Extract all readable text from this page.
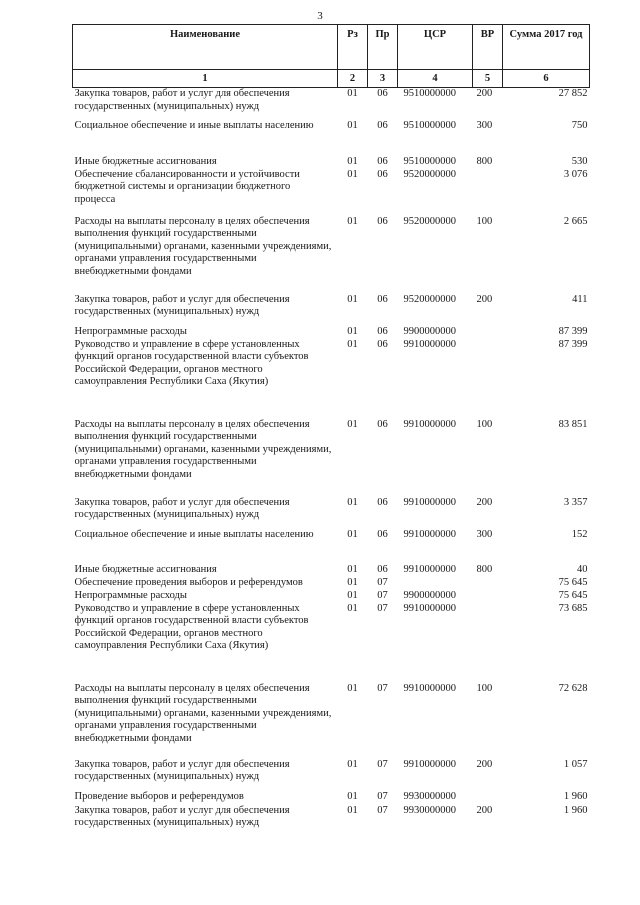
3
Наименование	Рз	Пр	ЦСР	ВР	Сумма 2017 год
1	2	3	4	5	6
Закупка товаров, работ и услуг для обеспечения государственных (муниципальных) нужд	01	06	9510000000	200	27 852
Социальное обеспечение и иные выплаты населению	01	06	9510000000	300	750
Иные бюджетные ассигнования	01	06	9510000000	800	530
Обеспечение сбалансированности и устойчивости бюджетной системы и организации бюджетного процесса	01	06	9520000000		3 076
Расходы на выплаты персоналу в целях обеспечения выполнения функций государственными (муниципальными) органами, казенными учреждениями, органами управления государственными внебюджетными фондами	01	06	9520000000	100	2 665
Закупка товаров, работ и услуг для обеспечения государственных (муниципальных) нужд	01	06	9520000000	200	411
Непрограммные расходы	01	06	9900000000		87 399
Руководство и управление в сфере установленных функций органов государственной власти субъектов Российской Федерации, органов местного самоуправления Республики Саха (Якутия)	01	06	9910000000		87 399
Расходы на выплаты персоналу в целях обеспечения выполнения функций государственными (муниципальными) органами, казенными учреждениями, органами управления государственными внебюджетными фондами	01	06	9910000000	100	83 851
Закупка товаров, работ и услуг для обеспечения государственных (муниципальных) нужд	01	06	9910000000	200	3 357
Социальное обеспечение и иные выплаты населению	01	06	9910000000	300	152
Иные бюджетные ассигнования	01	06	9910000000	800	40
Обеспечение проведения выборов и референдумов	01	07			75 645
Непрограммные расходы	01	07	9900000000		75 645
Руководство и управление в сфере установленных функций органов государственной власти субъектов Российской Федерации, органов местного самоуправления Республики Саха (Якутия)	01	07	9910000000		73 685
Расходы на выплаты персоналу в целях обеспечения выполнения функций государственными (муниципальными) органами, казенными учреждениями, органами управления государственными внебюджетными фондами	01	07	9910000000	100	72 628
Закупка товаров, работ и услуг для обеспечения государственных (муниципальных) нужд	01	07	9910000000	200	1 057
Проведение выборов и референдумов	01	07	9930000000		1 960
Закупка товаров, работ и услуг для обеспечения государственных (муниципальных) нужд	01	07	9930000000	200	1 960
